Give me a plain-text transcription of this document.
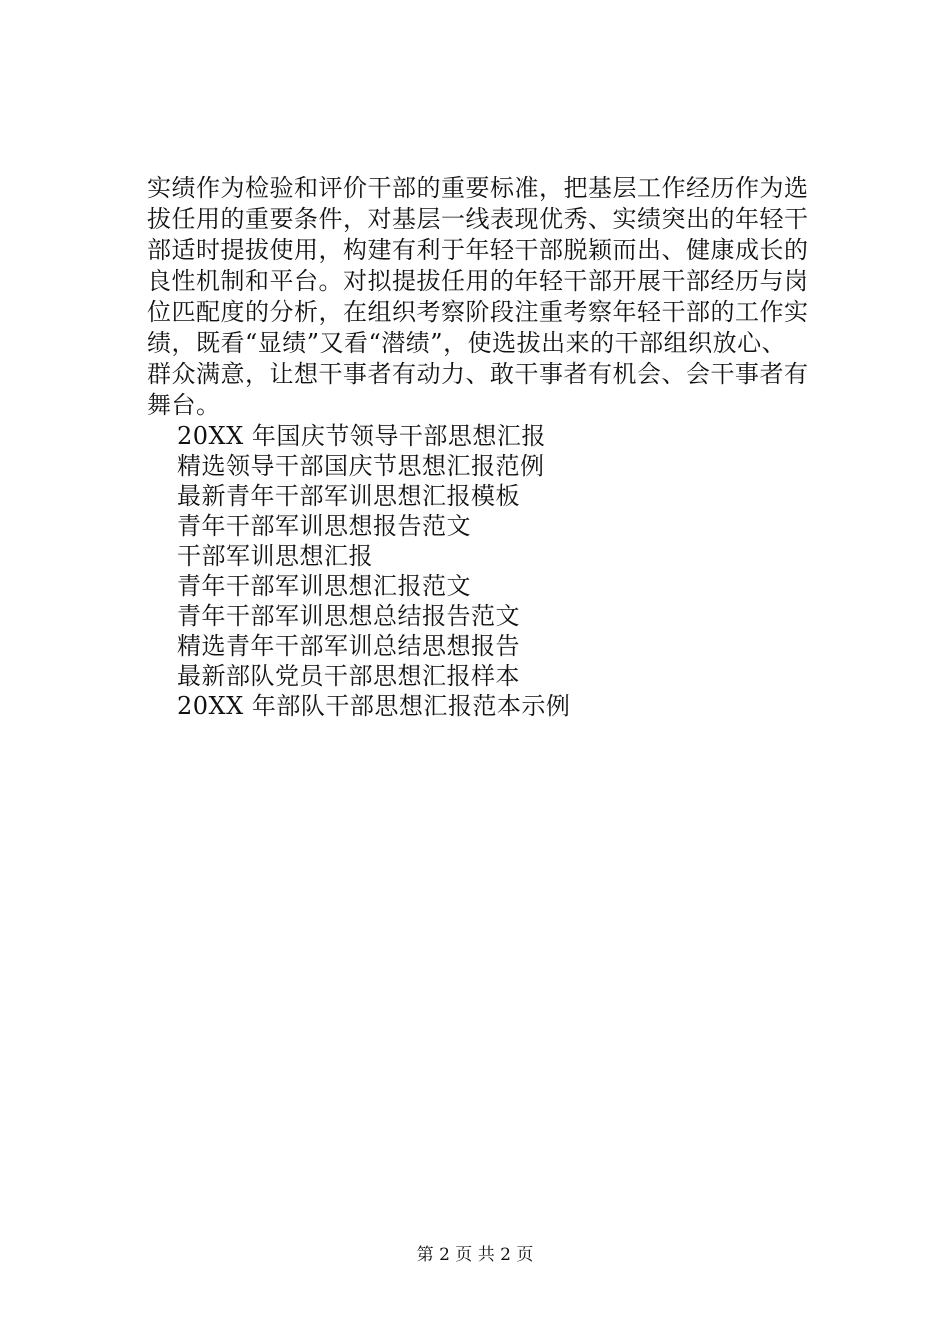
实绩作为检验和评价干部的重要标准，把基层工作经历作为选
拔任用的重要条件，对基层一线表现优秀、实绩突出的年轻干
部适时提拔使用，构建有利于年轻干部脱颖而出、健康成长的
良性机制和平台。对拟提拔任用的年轻干部开展干部经历与岗
位匹配度的分析，在组织考察阶段注重考察年轻干部的工作实
绩，既看“显绩”又看“潜绩”，使选拔出来的干部组织放心、
群众满意，让想干事者有动力、敢干事者有机会、会干事者有
舞台。
20XX 年国庆节领导干部思想汇报
精选领导干部国庆节思想汇报范例
最新青年干部军训思想汇报模板
青年干部军训思想报告范文
干部军训思想汇报
青年干部军训思想汇报范文
青年干部军训思想总结报告范文
精选青年干部军训总结思想报告
最新部队党员干部思想汇报样本
20XX 年部队干部思想汇报范本示例
第 2 页 共 2 页
